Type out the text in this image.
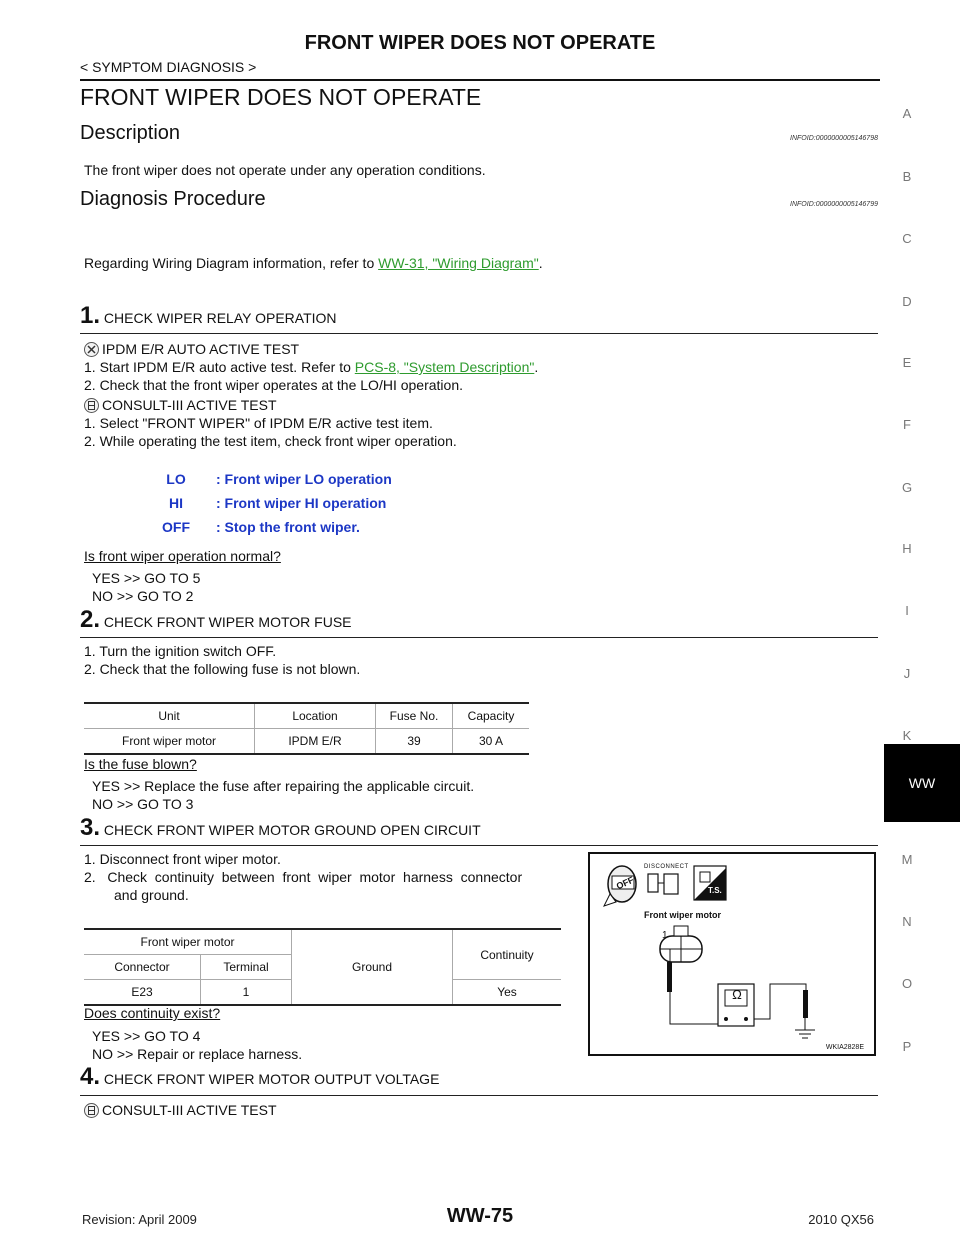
FRONT WIPER DOES NOT OPERATE
< SYMPTOM DIAGNOSIS >
FRONT WIPER DOES NOT OPERATE
Description	INFOID:0000000005146798
The front wiper does not operate under any operation conditions.
Diagnosis Procedure	INFOID:0000000005146799
Regarding Wiring Diagram information, refer to WW-31, "Wiring Diagram".
1. CHECK WIPER RELAY OPERATION
IPDM E/R AUTO ACTIVE TEST
1. Start IPDM E/R auto active test. Refer to PCS-8, "System Description".
2. Check that the front wiper operates at the LO/HI operation.
CONSULT-III ACTIVE TEST
1. Select "FRONT WIPER" of IPDM E/R active test item.
2. While operating the test item, check front wiper operation.
LO : Front wiper LO operation
HI : Front wiper HI operation
OFF : Stop the front wiper.
Is front wiper operation normal?
YES >> GO TO 5
NO >> GO TO 2
2. CHECK FRONT WIPER MOTOR FUSE
1. Turn the ignition switch OFF.
2. Check that the following fuse is not blown.
Unit	Location	Fuse No.	Capacity
Front wiper motor	IPDM E/R	39	30 A
Is the fuse blown?
YES >> Replace the fuse after repairing the applicable circuit.
NO >> GO TO 3
3. CHECK FRONT WIPER MOTOR GROUND OPEN CIRCUIT
1. Disconnect front wiper motor.
2.   Check  continuity  between  front  wiper  motor  harness  connector
and ground.
Front wiper motor		Ground	Continuity
Connector	Terminal		
E23	1		Yes
Does continuity exist?
YES >> GO TO 4
NO >> Repair or replace harness.
OFF
DISCONNECT
T.S.
Front wiper motor
1
Ω
WKIA2828E
4. CHECK FRONT WIPER MOTOR OUTPUT VOLTAGE
CONSULT-III ACTIVE TEST
A
B
C
D
E
F
G
H
I
J
K
M
N
O
P
WW
Revision: April 2009	WW-75	2010 QX56
